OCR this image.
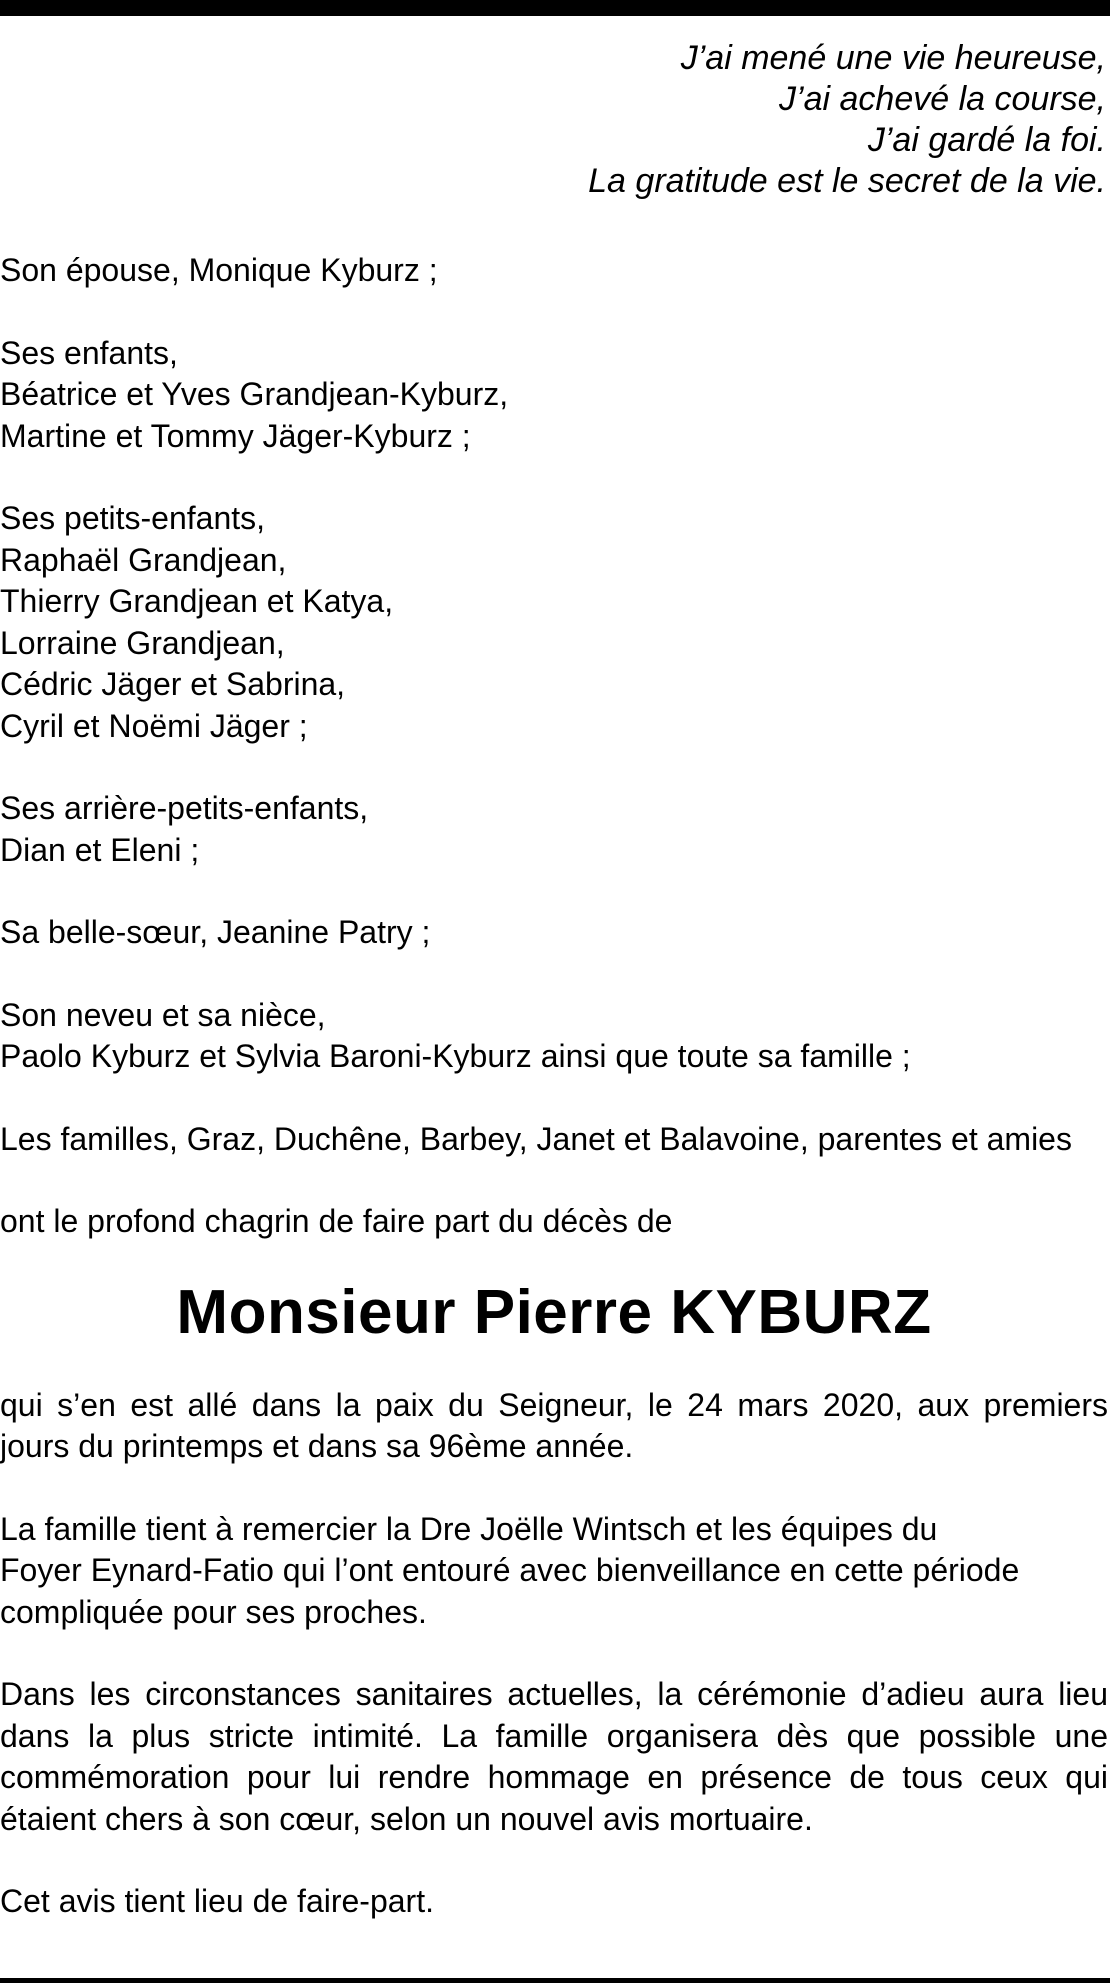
J’ai mené une vie heureuse,
J’ai achevé la course,
J’ai gardé la foi.
La gratitude est le secret de la vie.
Son épouse, Monique Kyburz ;
Ses enfants,
Béatrice et Yves Grandjean-Kyburz,
Martine et Tommy Jäger-Kyburz ;
Ses petits-enfants,
Raphaël Grandjean,
Thierry Grandjean et Katya,
Lorraine Grandjean,
Cédric Jäger et Sabrina,
Cyril et Noëmi Jäger ;
Ses arrière-petits-enfants,
Dian et Eleni ;
Sa belle-sœur, Jeanine Patry ;
Son neveu et sa nièce,
Paolo Kyburz et Sylvia Baroni-Kyburz ainsi que toute sa famille ;
Les familles, Graz, Duchêne, Barbey, Janet et Balavoine, parentes et amies
ont le profond chagrin de faire part du décès de
Monsieur Pierre KYBURZ

qui s’en est allé dans la paix du Seigneur, le 24 mars 2020, aux premiers jours du printemps et dans sa 96ème année.

La famille tient à remercier la Dre Joëlle Wintsch et les équipes du
Foyer Eynard-Fatio qui l’ont entouré avec bienveillance en cette période
compliquée pour ses proches.

Dans les circonstances sanitaires actuelles, la cérémonie d’adieu aura lieu dans la plus stricte intimité. La famille organisera dès que possible une commémoration pour lui rendre hommage en présence de tous ceux qui étaient chers à son cœur, selon un nouvel avis mortuaire.

Cet avis tient lieu de faire-part.
